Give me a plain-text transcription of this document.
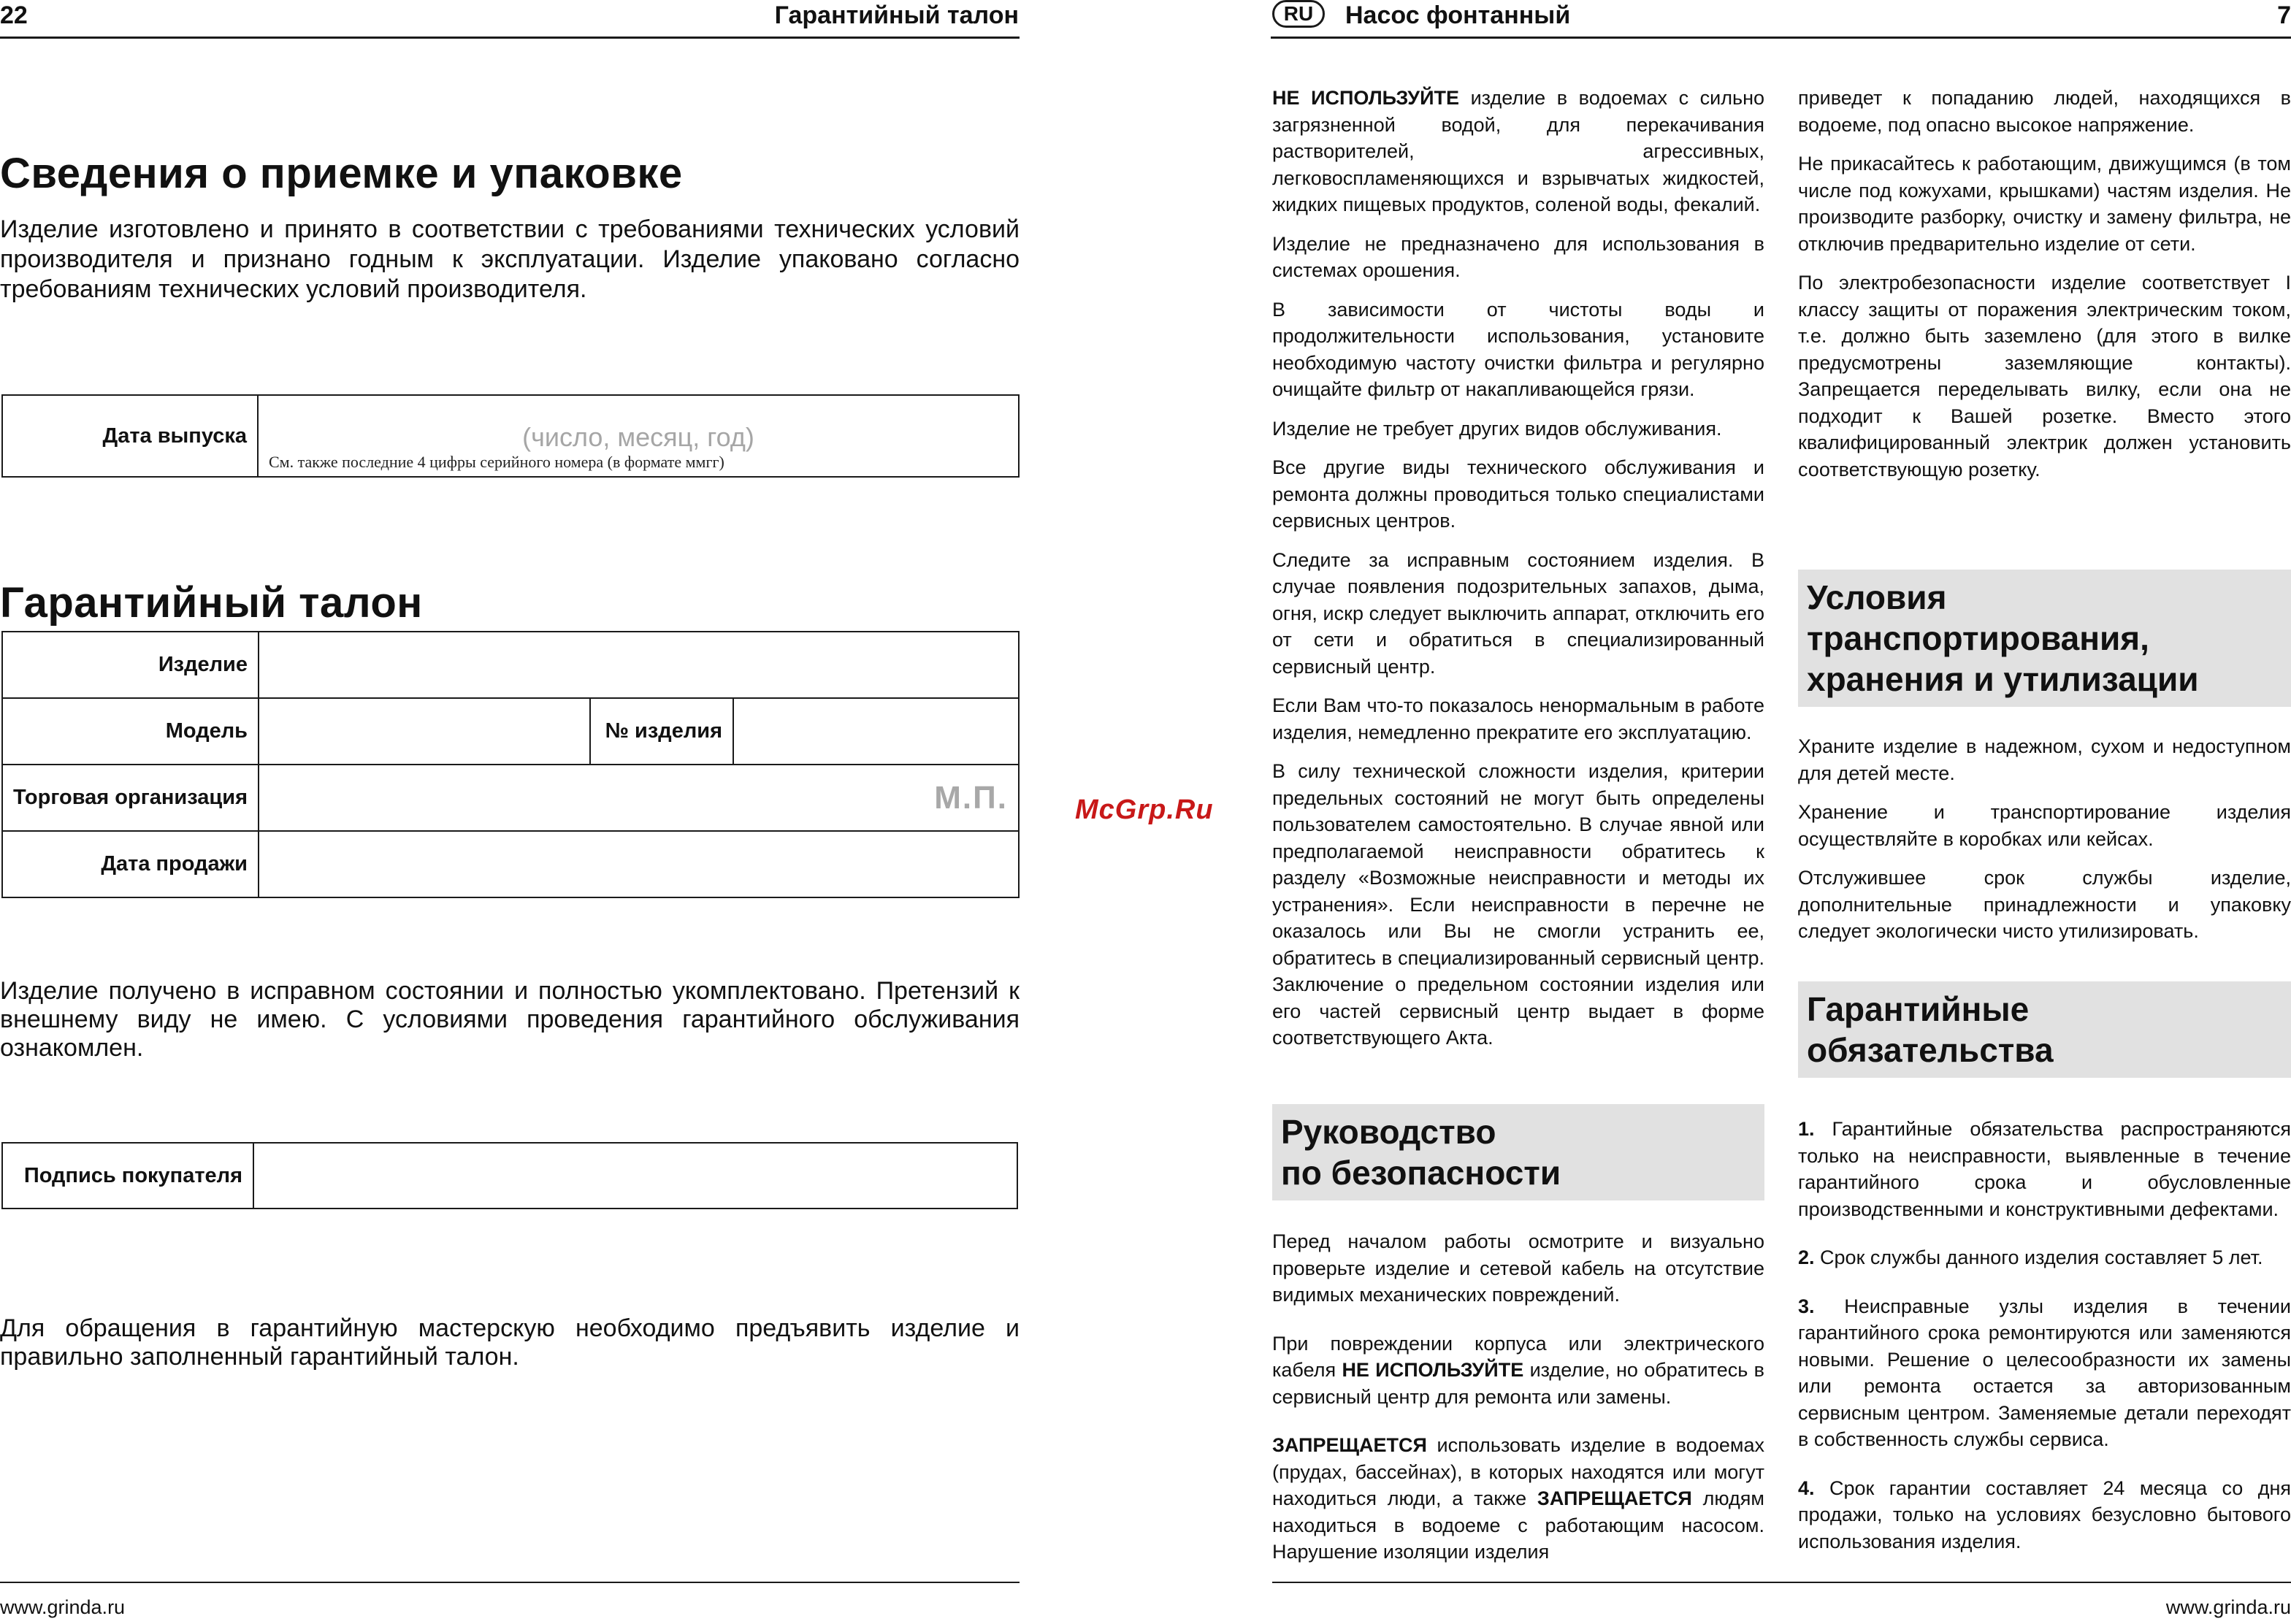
22	Гарантийный талон
Сведения о приемке и упаковке
Изделие изготовлено и принято в соответствии с требованиями технических условий производителя и признано годным к эксплуатации. Изделие упаковано согласно требованиям технических условий производителя.
Дата выпуска	(число, месяц, год)
См. также последние 4 цифры серийного номера (в формате ммгг)
Гарантийный талон
Изделие			
Модель		№ изделия	
Торговая организация	М.П.		
Дата продажи			
Изделие получено в исправном состоянии и полностью укомплектовано. Претензий к внешнему виду не имею. С условиями проведения гарантийного обслуживания ознакомлен.
Подпись покупателя	
Для обращения в гарантийную мастерскую необходимо предъявить изделие и правильно заполненный гарантийный талон.
www.grinda.ru
McGrp.Ru
RU	Насос фонтанный	7

НЕ ИСПОЛЬЗУЙТЕ изделие в водоемах с сильно загрязненной водой, для перекачивания растворителей, агрессивных, легковоспламеняющихся и взрывчатых жидкостей, жидких пищевых продуктов, соленой воды, фекалий.

Изделие не предназначено для использования в системах орошения.

В зависимости от чистоты воды и продолжительности использования, установите необходимую частоту очистки фильтра и регулярно очищайте фильтр от накапливающейся грязи.

Изделие не требует других видов обслуживания.

Все другие виды технического обслуживания и ремонта должны проводиться только специалистами сервисных центров.

Следите за исправным состоянием изделия. В случае появления подозрительных запахов, дыма, огня, искр следует выключить аппарат, отключить его от сети и обратиться в специализированный сервисный центр.

Если Вам что-то показалось ненормальным в работе изделия, немедленно прекратите его эксплуатацию.

В силу технической сложности изделия, критерии предельных состояний не могут быть определены пользователем самостоятельно. В случае явной или предполагаемой неисправности обратитесь к разделу «Возможные неисправности и методы их устранения». Если неисправности в перечне не оказалось или Вы не смогли устранить ее, обратитесь в специализированный сервисный центр. Заключение о предельном состоянии изделия или его частей сервисный центр выдает в форме соответствующего Акта.

Руководство
по безопасности

Перед началом работы осмотрите и визуально проверьте изделие и сетевой кабель на отсутствие видимых механических повреждений.

При повреждении корпуса или электрического кабеля НЕ ИСПОЛЬЗУЙТЕ изделие, но обратитесь в сервисный центр для ремонта или замены.

ЗАПРЕЩАЕТСЯ использовать изделие в водоемах (прудах, бассейнах), в которых находятся или могут находиться люди, а также ЗАПРЕЩАЕТСЯ людям находиться в водоеме с работающим насосом. Нарушение изоляции изделия

приведет к попаданию людей, находящихся в водоеме, под опасно высокое напряжение.

Не прикасайтесь к работающим, движущимся (в том числе под кожухами, крышками) частям изделия. Не производите разборку, очистку и замену фильтра, не отключив предварительно изделие от сети.

По электробезопасности изделие соответствует I классу защиты от поражения электрическим током, т.е. должно быть заземлено (для этого в вилке предусмотрены заземляющие контакты). Запрещается переделывать вилку, если она не подходит к Вашей розетке. Вместо этого квалифицированный электрик должен установить соответствующую розетку.

Условия
транспортирования,
хранения и утилизации

Храните изделие в надежном, сухом и недоступном для детей месте.

Хранение и транспортирование изделия осуществляйте в коробках или кейсах.

Отслужившее срок службы изделие, дополнительные принадлежности и упаковку следует экологически чисто утилизировать.

Гарантийные
обязательства

1. Гарантийные обязательства распространяются только на неисправности, выявленные в течение гарантийного срока и обусловленные производственными и конструктивными дефектами.

2. Срок службы данного изделия составляет 5 лет.

3. Неисправные узлы изделия в течении гарантийного срока ремонтируются или заменяются новыми. Решение о целесообразности их замены или ремонта остается за авторизованным сервисным центром. Заменяемые детали переходят в собственность службы сервиса.

4. Срок гарантии составляет 24 месяца со дня продажи, только на условиях безусловно бытового использования изделия.

www.grinda.ru
